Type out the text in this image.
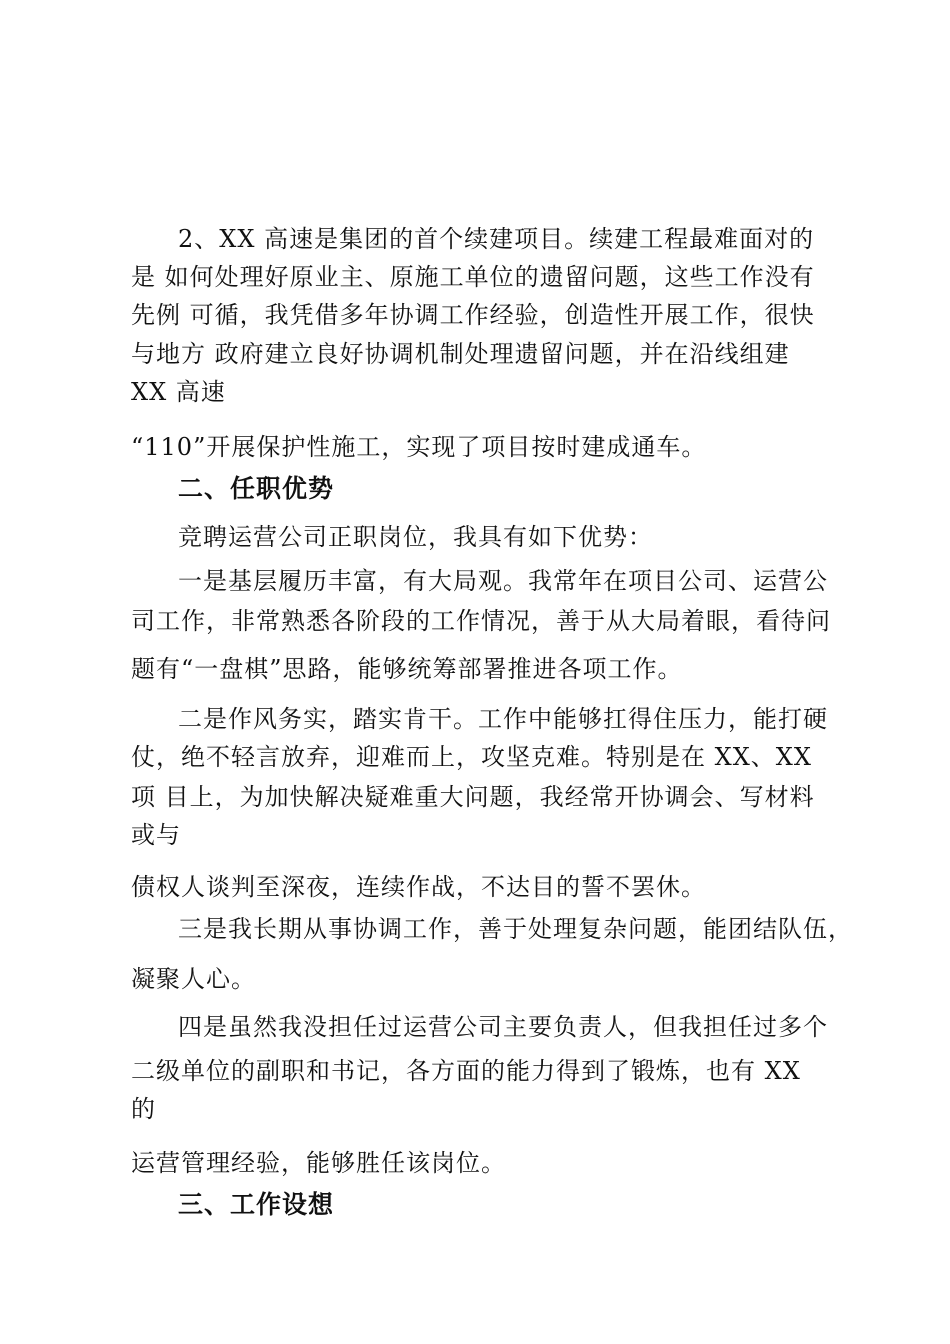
2、XX 高速是集团的首个续建项目。续建工程最难面对的

是 如何处理好原业主、原施工单位的遗留问题，这些工作没有

先例 可循，我凭借多年协调工作经验，创造性开展工作，很快

与地方 政府建立良好协调机制处理遗留问题，并在沿线组建

XX 高速

“110”开展保护性施工，实现了项目按时建成通车。

二、任职优势

竞聘运营公司正职岗位，我具有如下优势：

一是基层履历丰富，有大局观。我常年在项目公司、运营公

司工作，非常熟悉各阶段的工作情况，善于从大局着眼，看待问

题有“一盘棋”思路，能够统筹部署推进各项工作。

二是作风务实，踏实肯干。工作中能够扛得住压力，能打硬

仗，绝不轻言放弃，迎难而上，攻坚克难。特别是在 XX、XX

项 目上，为加快解决疑难重大问题，我经常开协调会、写材料

或与

债权人谈判至深夜，连续作战，不达目的誓不罢休。

三是我长期从事协调工作，善于处理复杂问题，能团结队伍，

凝聚人心。

四是虽然我没担任过运营公司主要负责人，但我担任过多个

二级单位的副职和书记，各方面的能力得到了锻炼，也有 XX

的

运营管理经验，能够胜任该岗位。

三、工作设想
